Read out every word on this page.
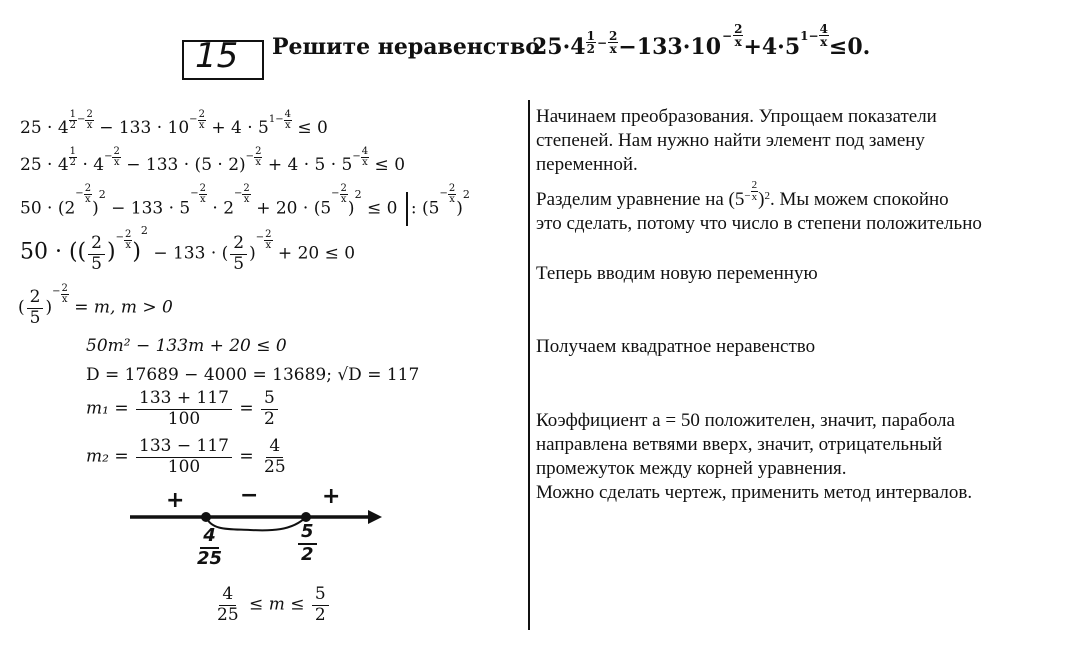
15 Решите неравенство
$25\cdot 4 \frac{1}{2} - \frac{2}{x} -133\cdot 10 - \frac{2}{x} +4\cdot 5$ $1- \frac{4}{x} \le 0$.
$25 \cdot 4 \frac{1}{2} ^- \frac{2}{x} - 133 \cdot 10^- \frac{2}{x} + 4 \cdot 5^{1-} \frac{4}{x} \le 0$
$25 \cdot 4 \frac{1}{2} \cdot 4^- \frac{2}{x} - 133 \cdot (5 \cdot 2)^- \frac{2}{x} + 4 \cdot 5 \cdot 5^- \frac{4}{x} \le 0$
$50 \cdot (2^- \frac{2}{x}$
)$^2 - 133 \cdot 5^- \frac{2}{x}$
· $2^- \frac{2}{x}$
+ $20 \cdot (5^- \frac{2}{x}$
)$^2$ ≤ 0 : ($5^- \frac{2}{x}$
)$^2$
50 · (( $\frac{2}{5} )^- \frac{2}{x} )^2 - 133$ · ( $\frac{2}{5} )^- \frac{2}{x}$
+ 20 ≤ 0
( $\frac{2}{5} )^- \frac{2}{x}$
= m, m > 0
50m² − 133m + 20 ≤ 0
D = 17689 − 4000 = 13689; √D = 117
$m_1 = \frac{133 + 117}{100} = \frac{5}{2}$
$m_2 = \frac{133 - 117}{100} = \frac{4}{25}$
+	−	+
$\frac{4}{25}$	$\frac{5}{2}$
$\frac{4}{25} \le m \le \frac{5}{2}$
Начинаем преобразования. Упрощаем показатели
степеней. Нам нужно найти элемент под замену
переменной.
Разделим уравнение на $(5^- \frac{2}{x} )^2$. Мы можем спокойно
это сделать, потому что число в степени положительно
Теперь вводим новую переменную
Получаем квадратное неравенство
Коэффициент а = 50 положителен, значит, парабола
направлена ветвями вверх, значит, отрицательный
промежуток между корней уравнения.
Можно сделать чертеж, применить метод интервалов.
